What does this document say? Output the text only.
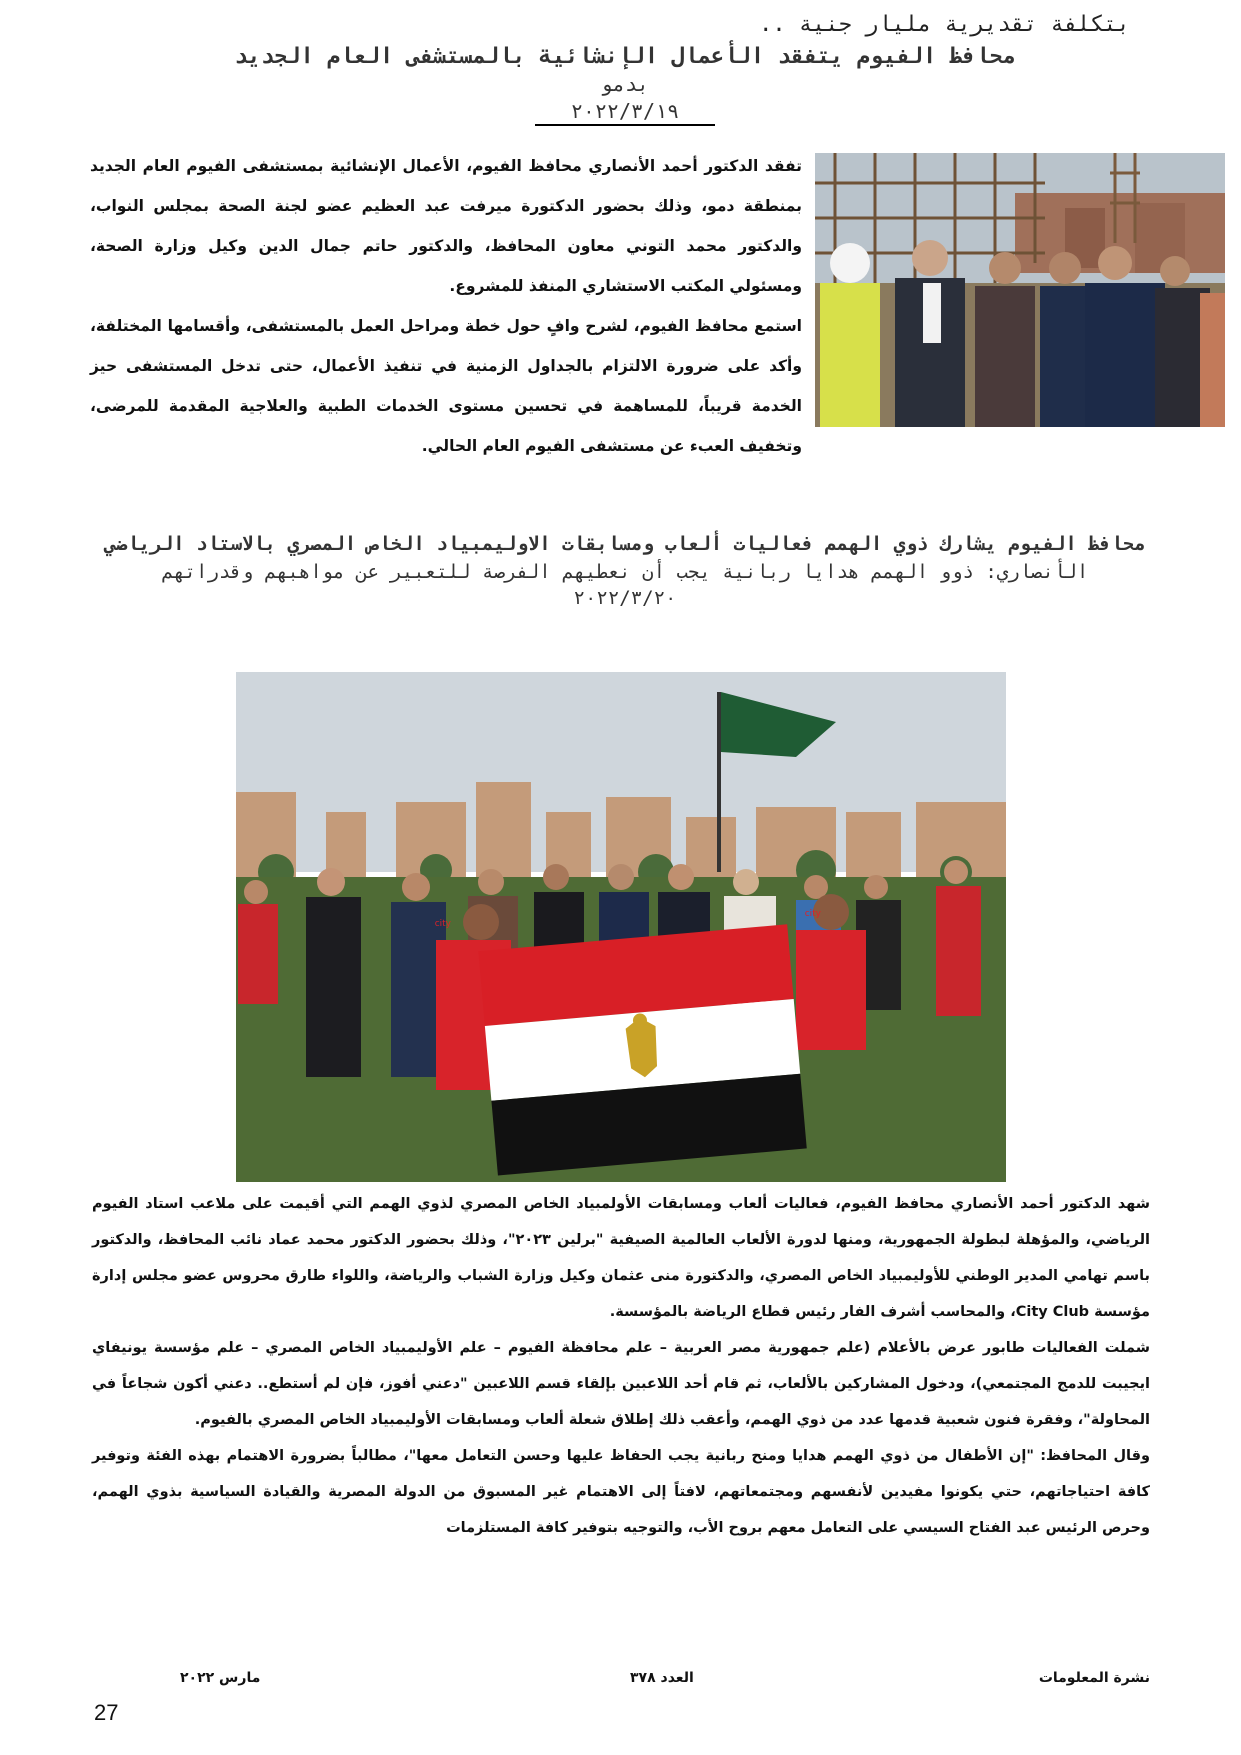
بتكلفة تقديرية مليار جنية ..
محافظ الفيوم يتفقد الأعمال الإنشائية بالمستشفى العام الجديد
بدمو
٢٠٢٢/٣/١٩

تفقد الدكتور أحمد الأنصاري محافظ الفيوم، الأعمال الإنشائية بمستشفى الفيوم العام الجديد بمنطقة دمو، وذلك بحضور الدكتورة ميرفت عبد العظيم عضو لجنة الصحة بمجلس النواب، والدكتور محمد التوني معاون المحافظ، والدكتور حاتم جمال الدين وكيل وزارة الصحة، ومسئولي المكتب الاستشاري المنفذ للمشروع.

استمع محافظ الفيوم، لشرح وافٍ حول خطة ومراحل العمل بالمستشفى، وأقسامها المختلفة، وأكد على ضرورة الالتزام بالجداول الزمنية في تنفيذ الأعمال، حتى تدخل المستشفى حيز الخدمة قريباً، للمساهمة في تحسين مستوى الخدمات الطبية والعلاجية المقدمة للمرضى، وتخفيف العبء عن مستشفى الفيوم العام الحالي.

محافظ الفيوم يشارك ذوي الهمم فعاليات ألعاب ومسابقات الاوليمبياد الخاص المصري بالاستاد الرياضي
الأنصاري: ذوو الهمم هدايا ربانية يجب أن نعطيهم الفرصة للتعبير عن مواهبهم وقدراتهم
٢٠٢٢/٣/٢٠
city
city

شهد الدكتور أحمد الأنصاري محافظ الفيوم، فعاليات ألعاب ومسابقات الأولمبياد الخاص المصري لذوي الهمم التي أقيمت على ملاعب استاد الفيوم الرياضي، والمؤهلة لبطولة الجمهورية، ومنها لدورة الألعاب العالمية الصيفية "برلين ٢٠٢٣"، وذلك بحضور الدكتور محمد عماد نائب المحافظ، والدكتور باسم تهامي المدير الوطني للأوليمبياد الخاص المصري، والدكتورة منى عثمان وكيل وزارة الشباب والرياضة، واللواء طارق محروس عضو مجلس إدارة مؤسسة City Club، والمحاسب أشرف الفار رئيس قطاع الرياضة بالمؤسسة.

شملت الفعاليات طابور عرض بالأعلام (علم جمهورية مصر العربية – علم محافظة الفيوم – علم الأوليمبياد الخاص المصري – علم مؤسسة يونيفاي ايجيبت للدمج المجتمعي)، ودخول المشاركين بالألعاب، ثم قام أحد اللاعبين بإلقاء قسم اللاعبين "دعني أفوز، فإن لم أستطع.. دعني أكون شجاعاً في المحاولة"، وفقرة فنون شعبية قدمها عدد من ذوي الهمم، وأعقب ذلك إطلاق شعلة ألعاب ومسابقات الأوليمبياد الخاص المصري بالفيوم.

وقال المحافظ: "إن الأطفال من ذوي الهمم هدايا ومنح ربانية يجب الحفاظ عليها وحسن التعامل معها"، مطالباً بضرورة الاهتمام بهذه الفئة وتوفير كافة احتياجاتهم، حتي يكونوا مفيدين لأنفسهم ومجتمعاتهم، لافتاً إلى الاهتمام غير المسبوق من الدولة المصرية والقيادة السياسية بذوي الهمم، وحرص الرئيس عبد الفتاح السيسي على التعامل معهم بروح الأب، والتوجيه بتوفير كافة المستلزمات

نشرة المعلومات
العدد ٣٧٨
مارس ٢٠٢٢
27
